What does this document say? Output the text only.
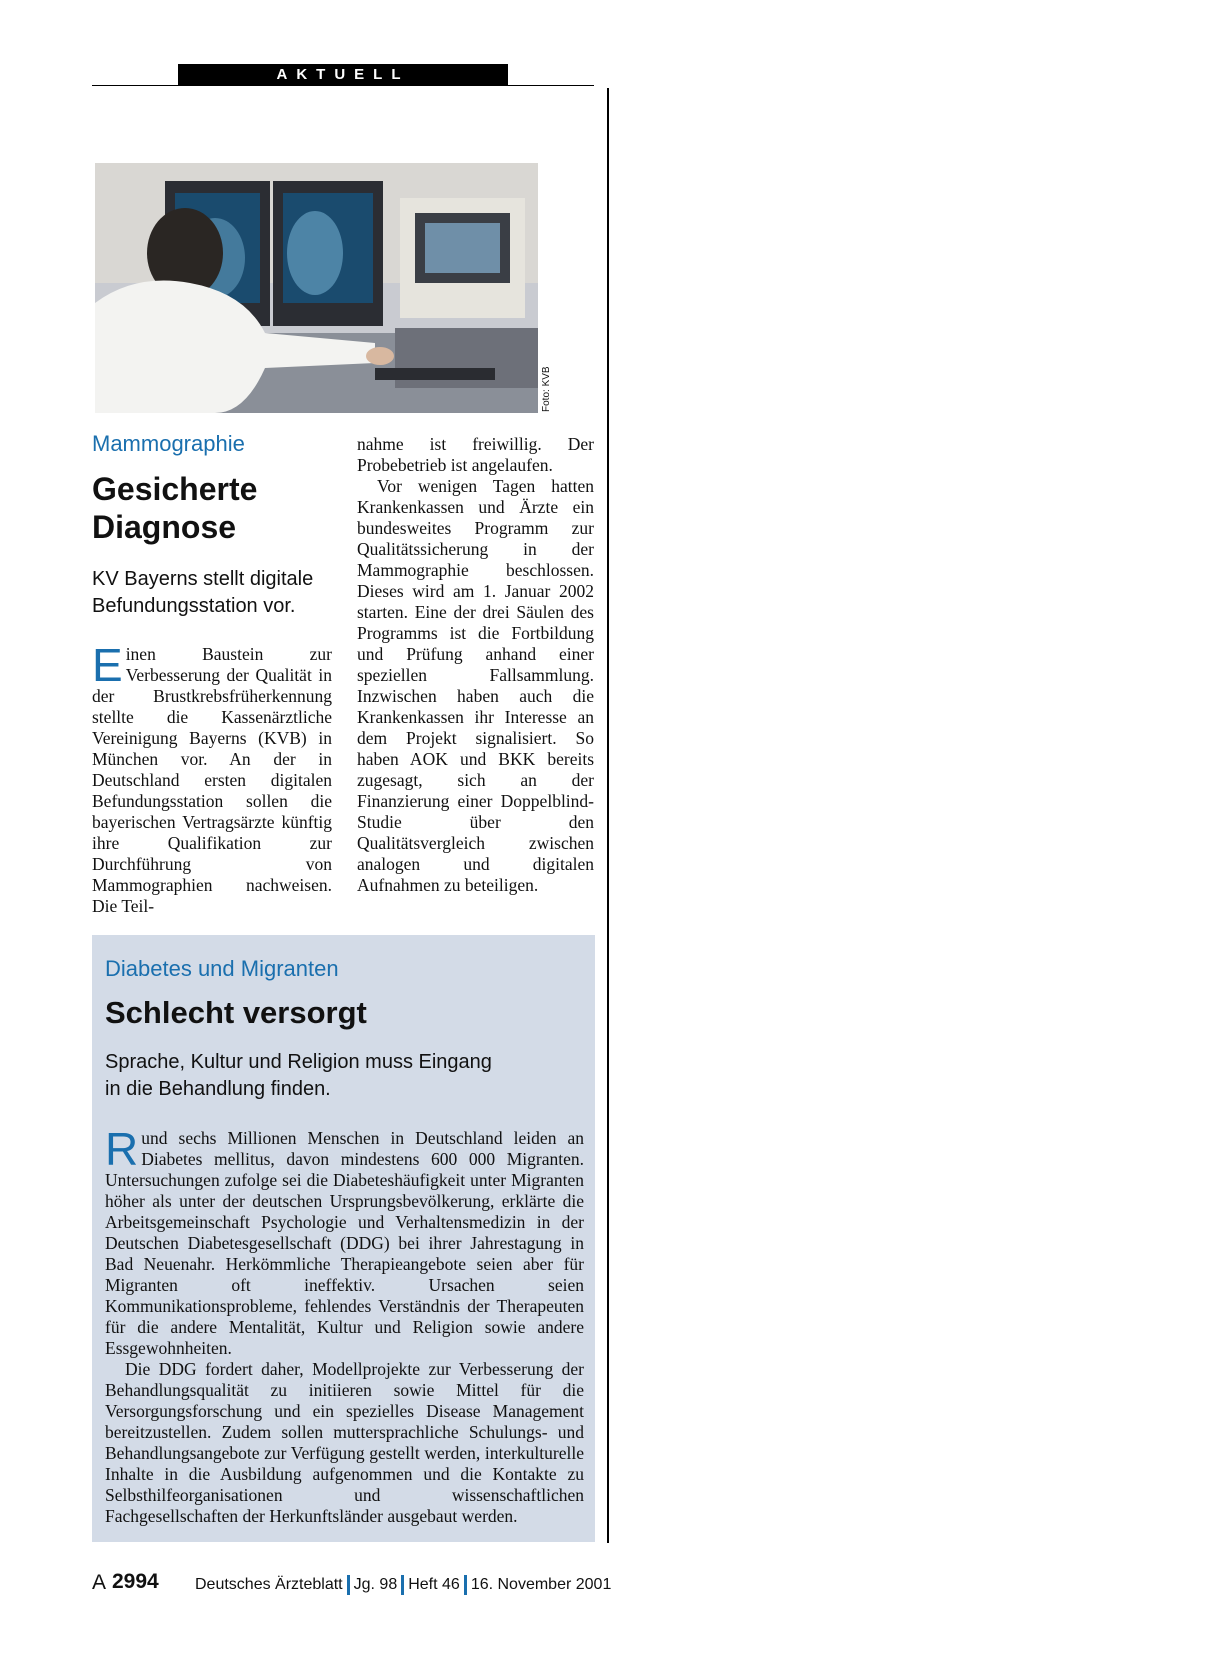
AKTUELL
Foto: KVB
Mammographie
Gesicherte
Diagnose
KV Bayerns stellt digitale
Befundungsstation vor.
E inen Baustein zur Verbesserung der Qualität in der Brustkrebsfrüherkennung stellte die Kassenärztliche Vereinigung Bayerns (KVB) in München vor. An der in Deutschland ersten digitalen Befundungsstation sollen die bayerischen Vertragsärzte künftig ihre Qualifikation zur Durchführung von Mammographien nachweisen. Die Teil-

nahme ist freiwillig. Der Probebetrieb ist angelaufen.

Vor wenigen Tagen hatten Krankenkassen und Ärzte ein bundesweites Programm zur Qualitätssicherung in der Mammographie beschlossen. Dieses wird am 1. Januar 2002 starten. Eine der drei Säulen des Programms ist die Fortbildung und Prüfung anhand einer speziellen Fallsammlung. Inzwischen haben auch die Krankenkassen ihr Interesse an dem Projekt signalisiert. So haben AOK und BKK bereits zugesagt, sich an der Finanzierung einer Doppelblind-Studie über den Qualitätsvergleich zwischen analogen und digitalen Aufnahmen zu beteiligen.

Diabetes und Migranten
Schlecht versorgt
Sprache, Kultur und Religion muss Eingang
in die Behandlung finden.

R und sechs Millionen Menschen in Deutschland leiden an Diabetes mellitus, davon mindestens 600 000 Migranten. Untersuchungen zufolge sei die Diabeteshäufigkeit unter Migranten höher als unter der deutschen Ursprungsbevölkerung, erklärte die Arbeitsgemeinschaft Psychologie und Verhaltensmedizin in der Deutschen Diabetesgesellschaft (DDG) bei ihrer Jahrestagung in Bad Neuenahr. Herkömmliche Therapieangebote seien aber für Migranten oft ineffektiv. Ursachen seien Kommunikationsprobleme, fehlendes Verständnis der Therapeuten für die andere Mentalität, Kultur und Religion sowie andere Essgewohnheiten.

Die DDG fordert daher, Modellprojekte zur Verbesserung der Behandlungsqualität zu initiieren sowie Mittel für die Versorgungsforschung und ein spezielles Disease Management bereitzustellen. Zudem sollen muttersprachliche Schulungs- und Behandlungsangebote zur Verfügung gestellt werden, interkulturelle Inhalte in die Ausbildung aufgenommen und die Kontakte zu Selbsthilfeorganisationen und wissenschaftlichen Fachgesellschaften der Herkunftsländer ausgebaut werden.

A 2994 Deutsches Ärzteblatt Jg. 98 Heft 46 16. November 2001
